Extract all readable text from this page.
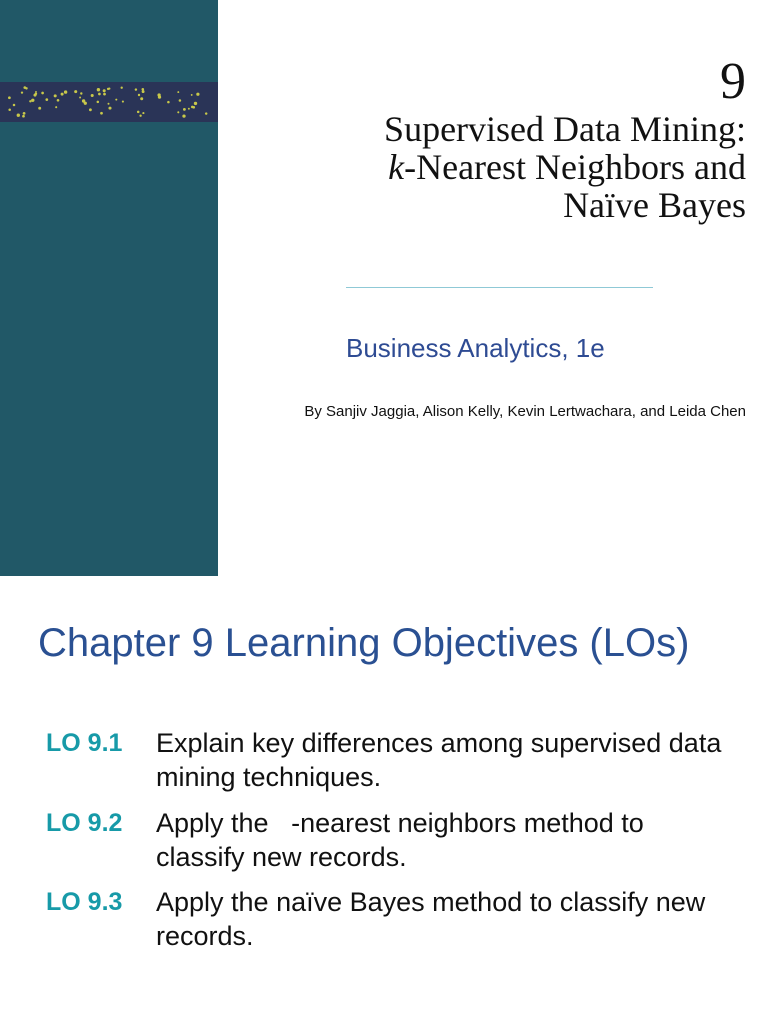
9
Supervised Data Mining:
k-Nearest Neighbors and
Naïve Bayes
Business Analytics, 1e
By Sanjiv Jaggia, Alison Kelly, Kevin Lertwachara, and Leida Chen
Chapter 9 Learning Objectives (LOs)
LO 9.1 Explain key differences among supervised data mining techniques.
LO 9.2 Apply the   -nearest neighbors method to classify new records.
LO 9.3 Apply the naïve Bayes method to classify new records.
